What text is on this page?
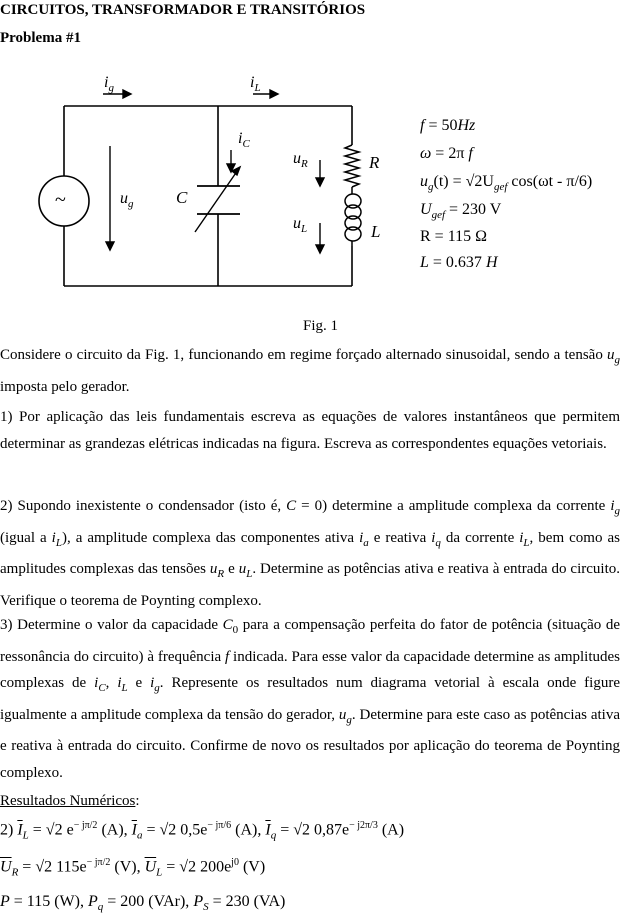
CIRCUITOS, TRANSFORMADOR E TRANSITÓRIOS
Problema #1
~
$i_g$	$i_L$
$i_C$
$u_g$
$u_R$
$u_L$
C
R
L
f = 50Hz
ω = 2π f
$u_g(t) = √2U_{gef}$ cos(ωt - π/6)
$U_{gef} = 230$ V
R = 115 Ω
L = 0.637 H
Fig. 1

Considere o circuito da Fig. 1, funcionando em regime forçado alternado sinusoidal, sendo a tensão $u_g$ imposta pelo gerador.

1) Por aplicação das leis fundamentais escreva as equações de valores instantâneos que permitem determinar as grandezas elétricas indicadas na figura. Escreva as correspondentes equações vetoriais.

2) Supondo inexistente o condensador (isto é, C = 0) determine a amplitude complexa da corrente $i_g$ (igual a $i_L$), a amplitude complexa das componentes ativa $i_a$ e reativa $i_q$ da corrente $i_L$, bem como as amplitudes complexas das tensões $u_R$ e $u_L$. Determine as potências ativa e reativa à entrada do circuito. Verifique o teorema de Poynting complexo.

3) Determine o valor da capacidade $C_0$ para a compensação perfeita do fator de potência (situação de ressonância do circuito) à frequência f indicada. Para esse valor da capacidade determine as amplitudes complexas de $i_C$, $i_L$ e $i_g$. Represente os resultados num diagrama vetorial à escala onde figure igualmente a amplitude complexa da tensão do gerador, $u_g$. Determine para este caso as potências ativa e reativa à entrada do circuito. Confirme de novo os resultados por aplicação do teorema de Poynting complexo.

Resultados Numéricos:
2) $\overline{I}_L = √2$ $e^{- j\pi/2}$ (A), $\overline{I}_a = √2$ $0,5e^{- j\pi/6}$ (A), $\overline{I}_q = √2$ $0,87e^{- j2\pi/3}$ (A)
$\overline{U}_R = √2$ $115e^{- j\pi/2}$ (V), $\overline{U}_L = √2$ $200e^{j0}$ (V)
P = 115 (W), $P_q = 200$ (VAr), $P_S = 230$ (VA)
